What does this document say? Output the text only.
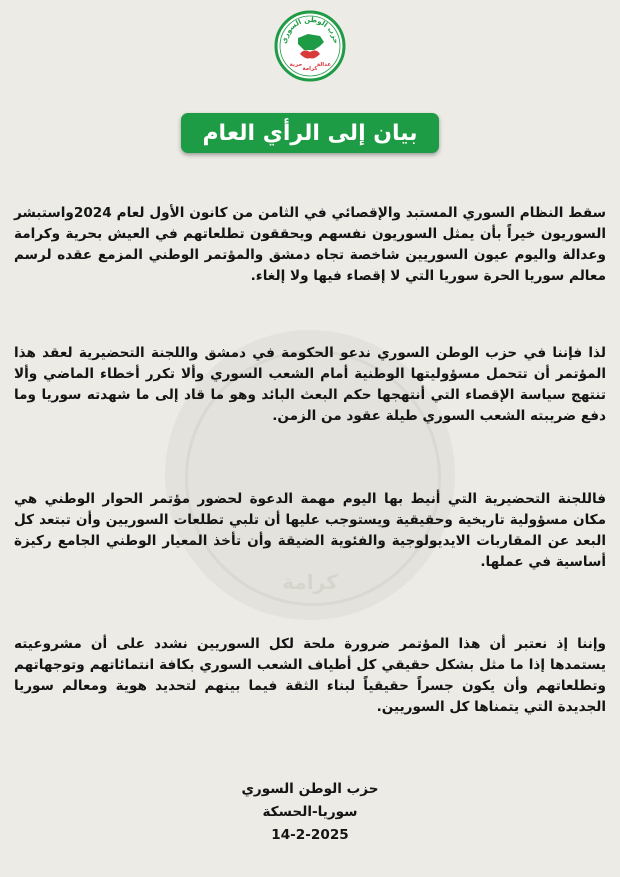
كرامة
حزب الوطن السوري
حرية
كرامة
عدالة
بيان إلى الرأي العام
سقط النظام السوري المستبد والإقصائي في الثامن من كانون الأول لعام 2024واستبشر السوريون خيراً بأن يمثل السوريون نفسهم ويحققون تطلعاتهم في العيش بحرية وكرامة وعدالة واليوم عيون السوريين شاخصة تجاه دمشق والمؤتمر الوطني المزمع عقده لرسم معالم سوريا الحرة سوريا التي لا إقصاء فيها ولا إلغاء.
لذا فإننا في حزب الوطن السوري ندعو الحكومة في دمشق واللجنة التحضيرية لعقد هذا المؤتمر أن تتحمل مسؤوليتها الوطنية أمام الشعب السوري وألا تكرر أخطاء الماضي وألا تنتهج سياسة الإقصاء التي أنتهجها حكم البعث البائد وهو ما قاد إلى ما شهدته سوريا وما دفع ضريبته الشعب السوري طيلة عقود من الزمن.
فاللجنة التحضيرية التي أنيط بها اليوم مهمة الدعوة لحضور مؤتمر الحوار الوطني هي مكان مسؤولية تاريخية وحقيقية ويستوجب عليها أن تلبي تطلعات السوريين وأن تبتعد كل البعد عن المقاربات الايديولوجية والفئوية الضيقة وأن تأخذ المعيار الوطني الجامع ركيزة أساسية في عملها.
وإننا إذ نعتبر أن هذا المؤتمر ضرورة ملحة لكل السوريين نشدد على أن مشروعيته يستمدها إذا ما مثل بشكل حقيقي كل أطياف الشعب السوري بكافة انتمائاتهم وتوجهاتهم وتطلعاتهم وأن يكون جسراً حقيقياً لبناء الثقة فيما بينهم لتحديد هوية ومعالم سوريا الجديدة التي يتمناها كل السوريين.
حزب الوطن السوري
سوريا-الحسكة
14-2-2025
